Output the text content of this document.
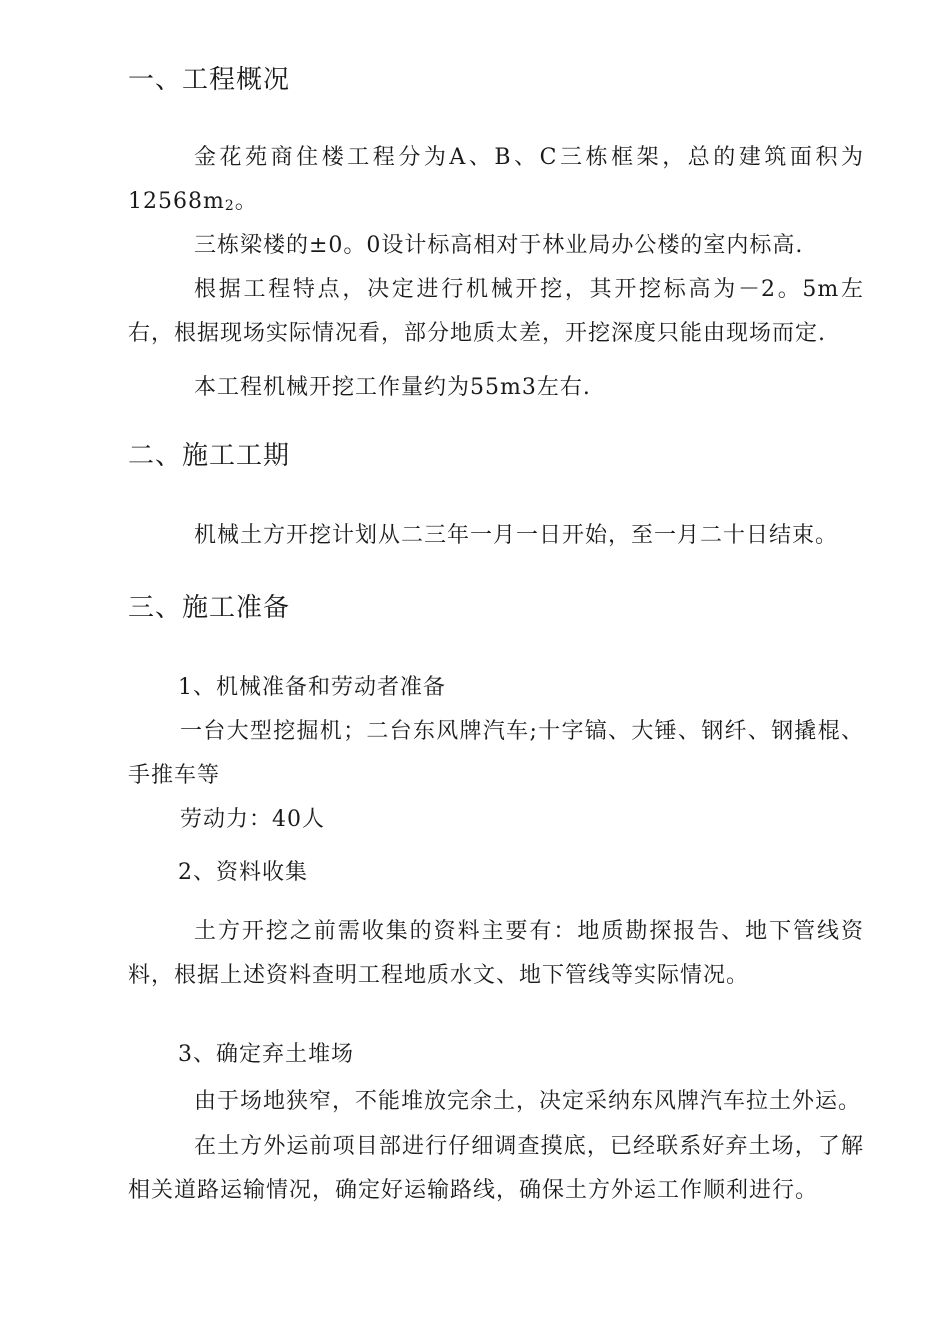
一、工程概况
金花苑商住楼工程分为A、B、C三栋框架，总的建筑面积为12568m2。
三栋梁楼的±0。0设计标高相对于林业局办公楼的室内标高.
根据工程特点，决定进行机械开挖，其开挖标高为－2。5m左右，根据现场实际情况看，部分地质太差，开挖深度只能由现场而定.
本工程机械开挖工作量约为55m3左右.
二、施工工期
机械土方开挖计划从二三年一月一日开始，至一月二十日结束。
三、施工准备
1、机械准备和劳动者准备
一台大型挖掘机；二台东风牌汽车;十字镐、大锤、钢纤、钢撬棍、手推车等
劳动力：40人
2、资料收集
土方开挖之前需收集的资料主要有：地质勘探报告、地下管线资料，根据上述资料查明工程地质水文、地下管线等实际情况。
3、确定弃土堆场
由于场地狭窄，不能堆放完余土，决定采纳东风牌汽车拉土外运。
在土方外运前项目部进行仔细调查摸底，已经联系好弃土场，了解相关道路运输情况，确定好运输路线，确保土方外运工作顺利进行。
